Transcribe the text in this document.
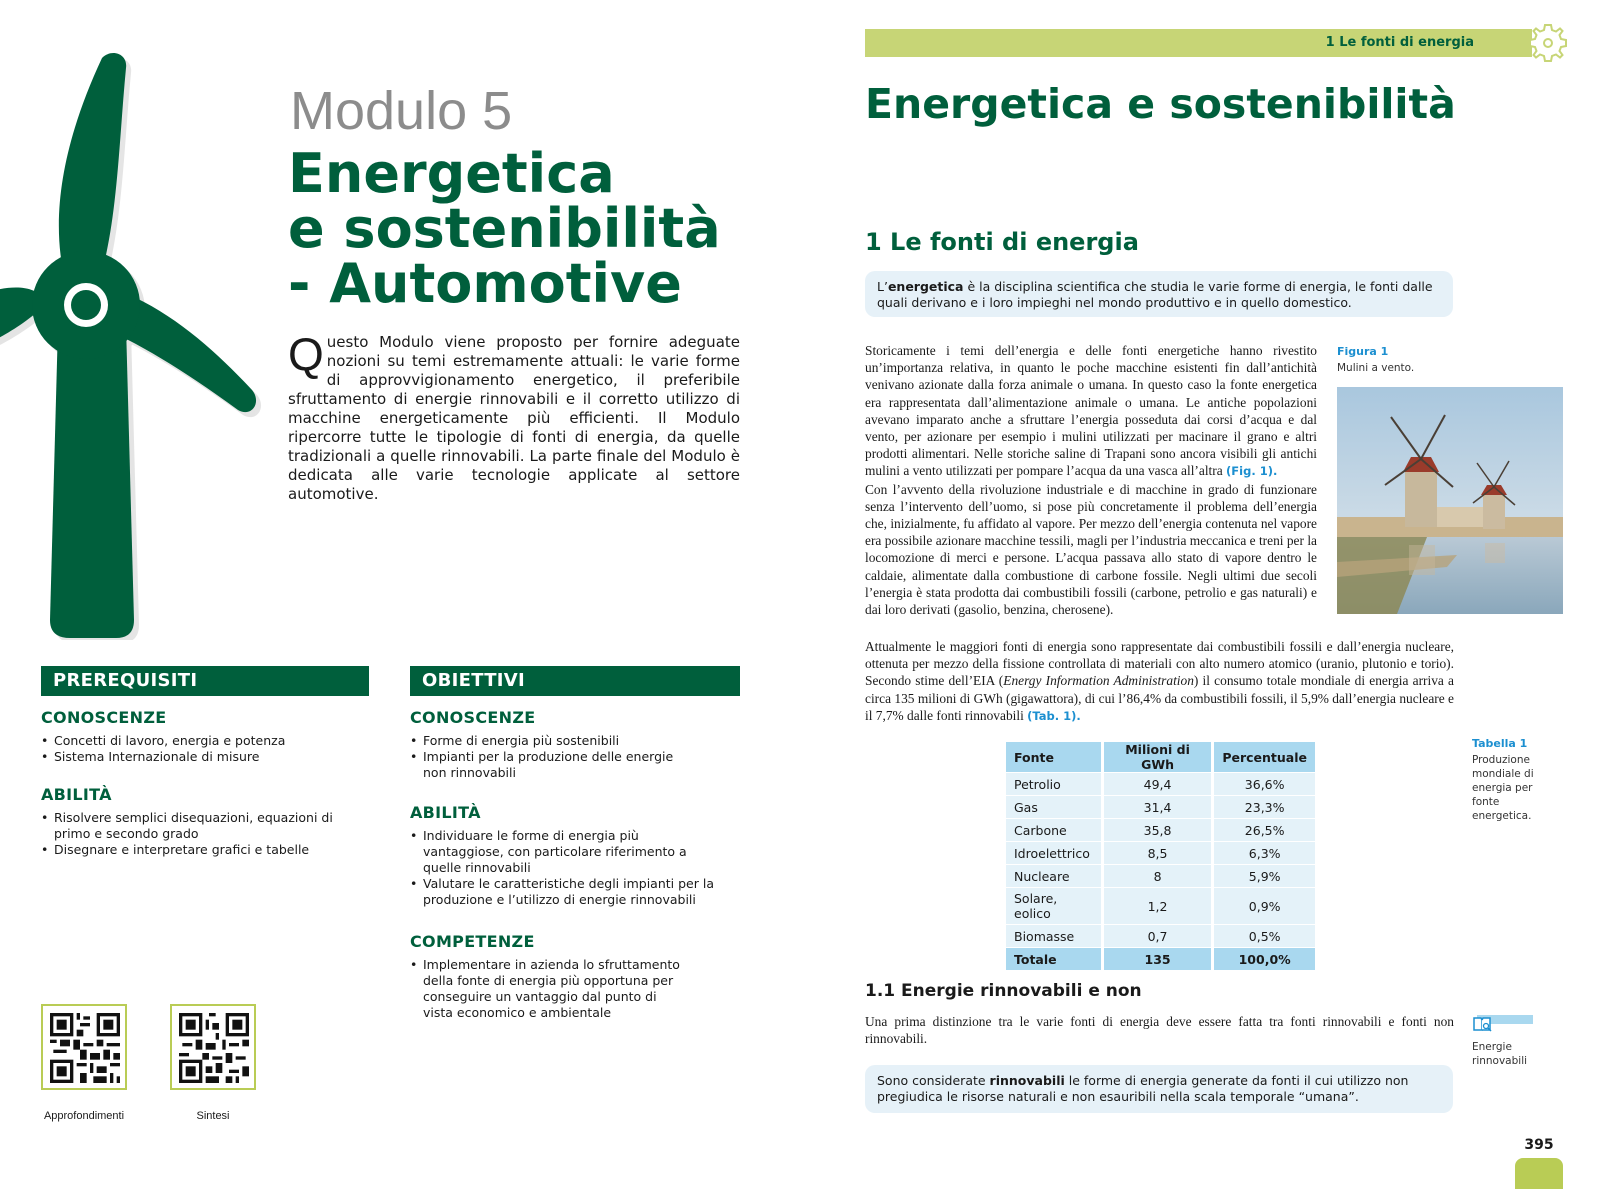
Modulo 5
Energetica
e sostenibilità
- Automotive
Questo Modulo viene proposto per fornire adeguate nozioni su temi estremamente attuali: le varie forme di approvvigionamento energetico, il preferibile sfruttamento di energie rinnovabili e il corretto utilizzo di macchine energeticamente più efficienti. Il Modulo ripercorre tutte le tipologie di fonti di energia, da quelle tradizionali a quelle rinnovabili. La parte finale del Modulo è dedicata alle varie tecnologie applicate al settore automotive.
PREREQUISITI
CONOSCENZE
• Concetti di lavoro, energia e potenza
• Sistema Internazionale di misure
ABILITÀ
• Risolvere semplici disequazioni, equazioni di primo e secondo grado
• Disegnare e interpretare grafici e tabelle
OBIETTIVI
CONOSCENZE
• Forme di energia più sostenibili
• Impianti per la produzione delle energie non rinnovabili
ABILITÀ
• Individuare le forme di energia più vantaggiose, con particolare riferimento a quelle rinnovabili
• Valutare le caratteristiche degli impianti per la produzione e l’utilizzo di energie rinnovabili
COMPETENZE
• Implementare in azienda lo sfruttamento della fonte di energia più opportuna per conseguire un vantaggio dal punto di vista economico e ambientale
Approfondimenti	Sintesi
1 Le fonti di energia
Energetica e sostenibilità
1 Le fonti di energia
L’energetica è la disciplina scientifica che studia le varie forme di energia, le fonti dalle quali derivano e i loro impieghi nel mondo produttivo e in quello domestico.
Storicamente i temi dell’energia e delle fonti energetiche hanno rivestito un’importanza relativa, in quanto le poche macchine esistenti fin dall’antichità venivano azionate dalla forza animale o umana. In questo caso la fonte energetica era rappresentata dall’alimentazione animale o umana. Le antiche popolazioni avevano imparato anche a sfruttare l’energia posseduta dai corsi d’acqua e dal vento, per azionare per esempio i mulini utilizzati per macinare il grano e altri prodotti alimentari. Nelle storiche saline di Trapani sono ancora visibili gli antichi mulini a vento utilizzati per pompare l’acqua da una vasca all’altra (Fig. 1).
Con l’avvento della rivoluzione industriale e di macchine in grado di funzionare senza l’intervento dell’uomo, si pose più concretamente il problema dell’energia che, inizialmente, fu affidato al vapore. Per mezzo dell’energia contenuta nel vapore era possibile azionare macchine tessili, magli per l’industria meccanica e treni per la locomozione di merci e persone. L’acqua passava allo stato di vapore dentro le caldaie, alimentate dalla combustione di carbone fossile. Negli ultimi due secoli l’energia è stata prodotta dai combustibili fossili (carbone, petrolio e gas naturali) e dai loro derivati (gasolio, benzina, cherosene).
Attualmente le maggiori fonti di energia sono rappresentate dai combustibili fossili e dall’energia nucleare, ottenuta per mezzo della fissione controllata di materiali con alto numero atomico (uranio, plutonio e torio). Secondo stime dell’EIA (Energy Information Administration) il consumo totale mondiale di energia arriva a circa 135 milioni di GWh (gigawattora), di cui l’86,4% da combustibili fossili, il 5,9% dall’energia nucleare e il 7,7% dalle fonti rinnovabili (Tab. 1).
Figura 1
Mulini a vento.
Tabella 1
Produzione mondiale di energia per fonte energetica.
Fonte	Milioni di GWh	Percentuale
Petrolio	49,4	36,6%
Gas	31,4	23,3%
Carbone	35,8	26,5%
Idroelettrico	8,5	6,3%
Nucleare	8	5,9%
Solare, eolico	1,2	0,9%
Biomasse	0,7	0,5%
Totale	135	100,0%
1.1 Energie rinnovabili e non
Una prima distinzione tra le varie fonti di energia deve essere fatta tra fonti rinnovabili e fonti non rinnovabili.
Sono considerate rinnovabili le forme di energia generate da fonti il cui utilizzo non pregiudica le risorse naturali e non esauribili nella scala temporale “umana”.
Energie rinnovabili
395
